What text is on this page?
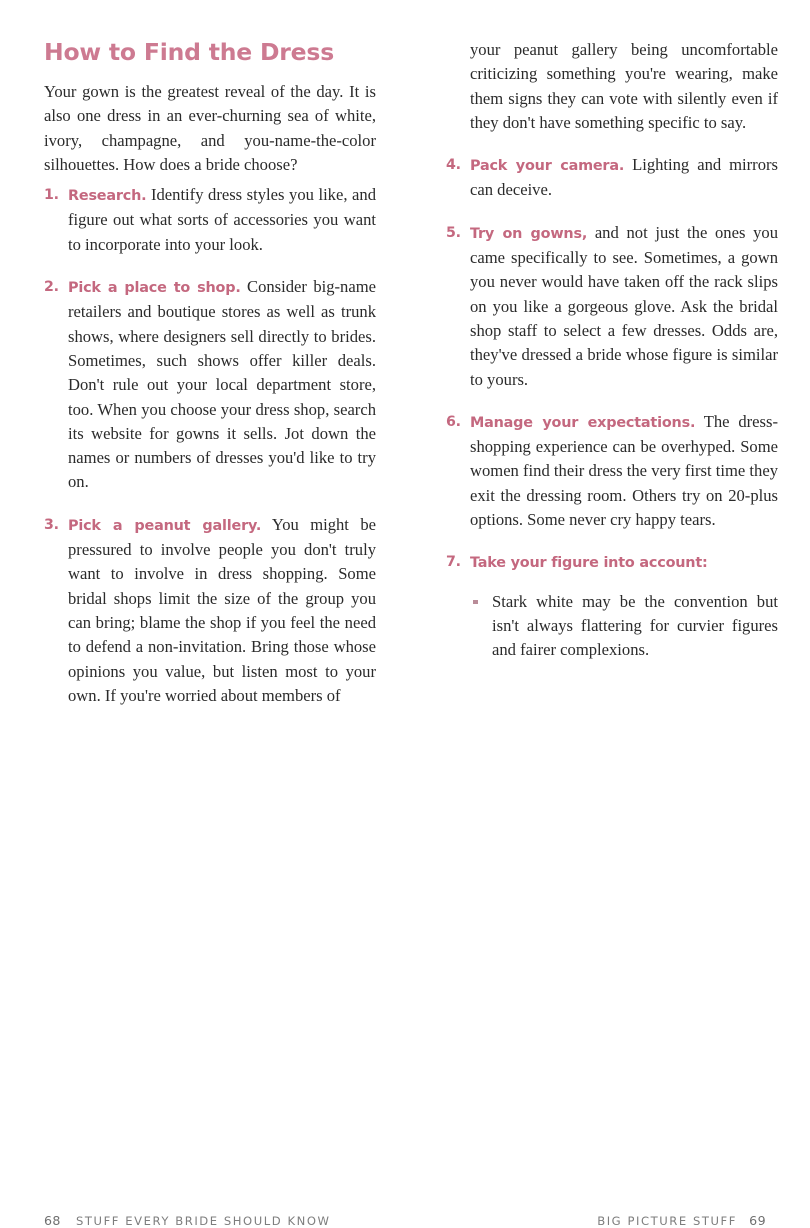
How to Find the Dress

Your gown is the greatest reveal of the day. It is also one dress in an ever-churning sea of white, ivory, champagne, and you-name-the-color silhouettes. How does a bride choose?

1. Research. Identify dress styles you like, and figure out what sorts of accessories you want to incorporate into your look.
2. Pick a place to shop. Consider big-name retailers and boutique stores as well as trunk shows, where designers sell directly to brides. Sometimes, such shows offer killer deals. Don't rule out your local department store, too. When you choose your dress shop, search its website for gowns it sells. Jot down the names or numbers of dresses you'd like to try on.
3. Pick a peanut gallery. You might be pressured to involve people you don't truly want to involve in dress shopping. Some bridal shops limit the size of the group you can bring; blame the shop if you feel the need to defend a non-invitation. Bring those whose opinions you value, but listen most to your own. If you're worried about members of

your peanut gallery being uncomfortable criticizing something you're wearing, make them signs they can vote with silently even if they don't have something specific to say.

4. Pack your camera. Lighting and mirrors can deceive.
5. Try on gowns, and not just the ones you came specifically to see. Sometimes, a gown you never would have taken off the rack slips on you like a gorgeous glove. Ask the bridal shop staff to select a few dresses. Odds are, they've dressed a bride whose figure is similar to yours.
6. Manage your expectations. The dress-shopping experience can be overhyped. Some women find their dress the very first time they exit the dressing room. Others try on 20-plus options. Some never cry happy tears.
7. Take your figure into account:
Stark white may be the convention but isn't always flattering for curvier figures and fairer complexions.
68 STUFF EVERY BRIDE SHOULD KNOW	BIG PICTURE STUFF 69
